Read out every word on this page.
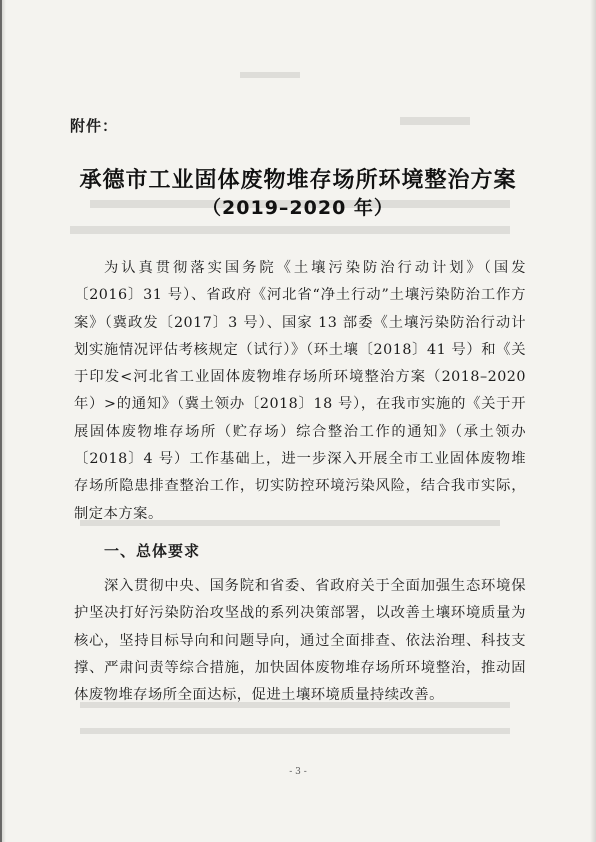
附件：
承德市工业固体废物堆存场所环境整治方案
（2019–2020 年）

为认真贯彻落实国务院《土壤污染防治行动计划》（国发〔2016〕31 号）、省政府《河北省“净土行动”土壤污染防治工作方案》（冀政发〔2017〕3 号）、国家 13 部委《土壤污染防治行动计划实施情况评估考核规定（试行）》（环土壤〔2018〕41 号）和《关于印发<河北省工业固体废物堆存场所环境整治方案（2018–2020 年）>的通知》（冀土领办〔2018〕18 号），在我市实施的《关于开展固体废物堆存场所（贮存场）综合整治工作的通知》（承土领办〔2018〕4 号）工作基础上，进一步深入开展全市工业固体废物堆存场所隐患排查整治工作，切实防控环境污染风险，结合我市实际，制定本方案。

一、总体要求

深入贯彻中央、国务院和省委、省政府关于全面加强生态环境保护坚决打好污染防治攻坚战的系列决策部署，以改善土壤环境质量为核心，坚持目标导向和问题导向，通过全面排查、依法治理、科技支撑、严肃问责等综合措施，加快固体废物堆存场所环境整治，推动固体废物堆存场所全面达标，促进土壤环境质量持续改善。

- 3 -
